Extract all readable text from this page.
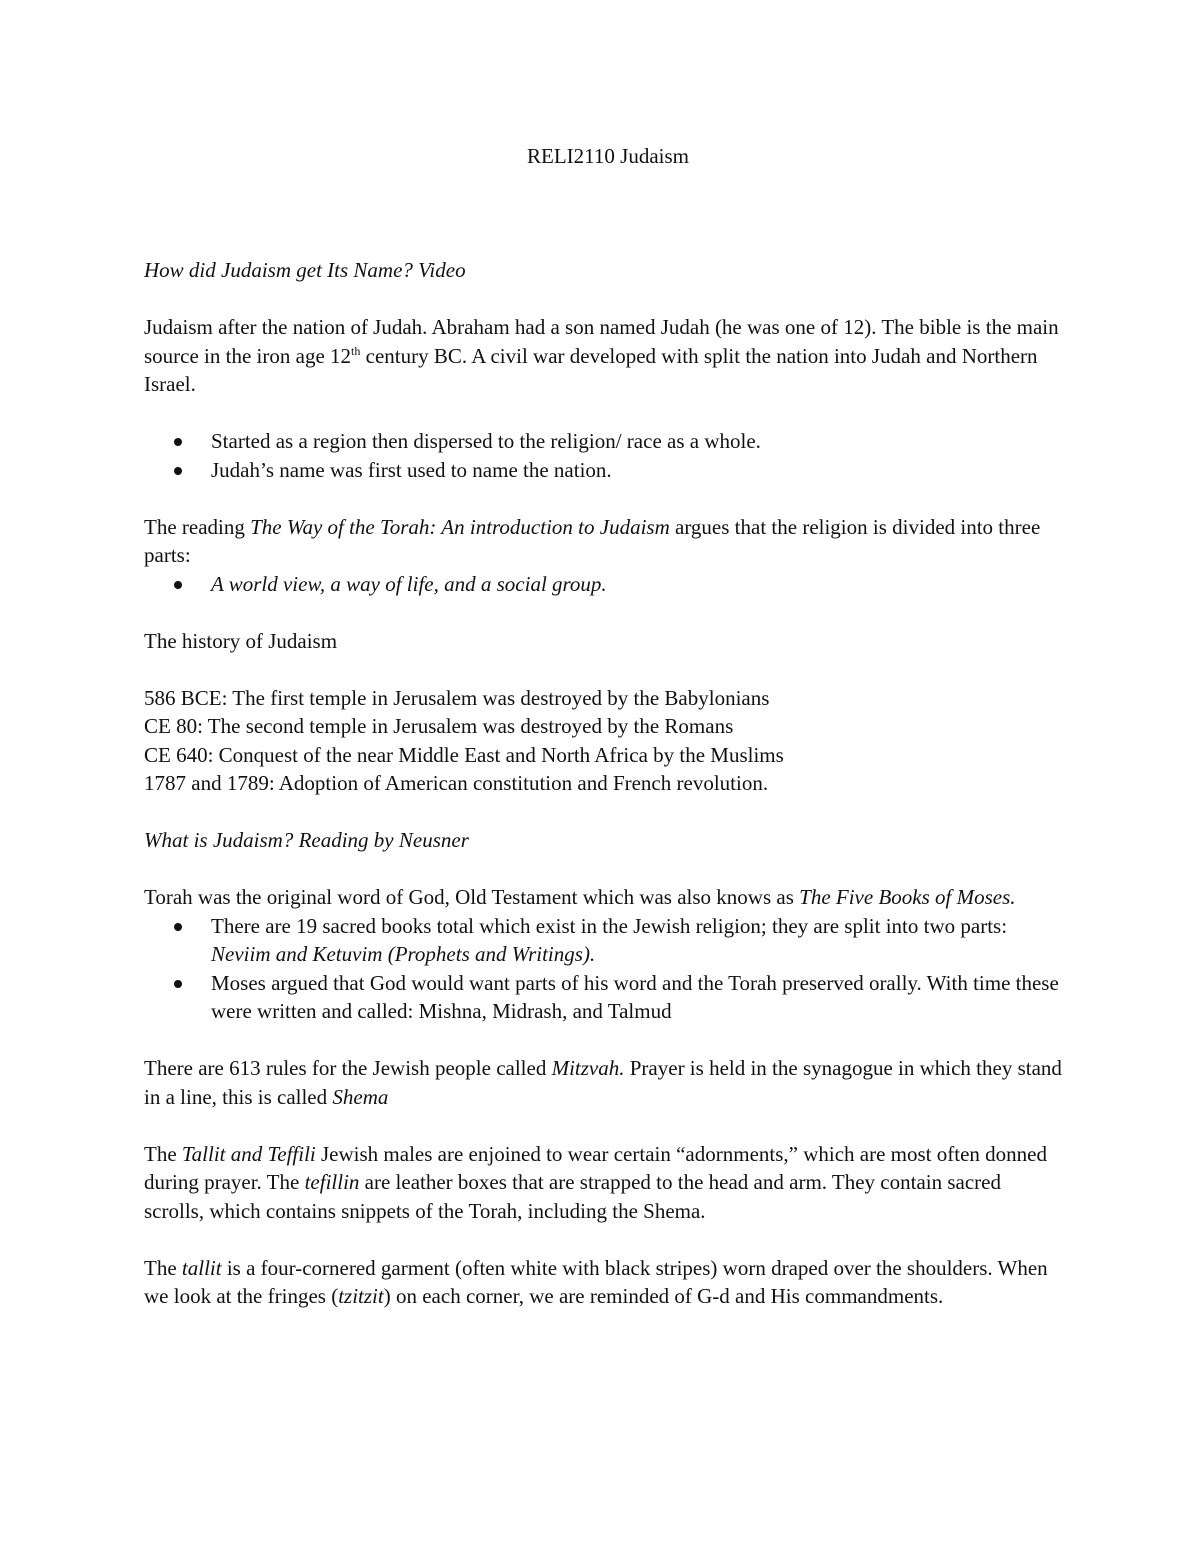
RELI2110 Judaism

How did Judaism get Its Name? Video

Judaism after the nation of Judah. Abraham had a son named Judah (he was one of 12). The bible is the main source in the iron age 12th century BC. A civil war developed with split the nation into Judah and Northern Israel.

Started as a region then dispersed to the religion/ race as a whole.
Judah’s name was first used to name the nation.

The reading The Way of the Torah: An introduction to Judaism argues that the religion is divided into three parts:

A world view, a way of life, and a social group.

The history of Judaism

586 BCE: The first temple in Jerusalem was destroyed by the Babylonians

CE 80: The second temple in Jerusalem was destroyed by the Romans

CE 640: Conquest of the near Middle East and North Africa by the Muslims

1787 and 1789: Adoption of American constitution and French revolution.

What is Judaism? Reading by Neusner

Torah was the original word of God, Old Testament which was also knows as The Five Books of Moses.

There are 19 sacred books total which exist in the Jewish religion; they are split into two parts: Neviim and Ketuvim (Prophets and Writings).
Moses argued that God would want parts of his word and the Torah preserved orally. With time these were written and called: Mishna, Midrash, and Talmud

There are 613 rules for the Jewish people called Mitzvah. Prayer is held in the synagogue in which they stand in a line, this is called Shema

The Tallit and Teffili Jewish males are enjoined to wear certain “adornments,” which are most often donned during prayer. The tefillin are leather boxes that are strapped to the head and arm. They contain sacred scrolls, which contains snippets of the Torah, including the Shema.

The tallit is a four-cornered garment (often white with black stripes) worn draped over the shoulders. When we look at the fringes (tzitzit) on each corner, we are reminded of G-d and His commandments.
